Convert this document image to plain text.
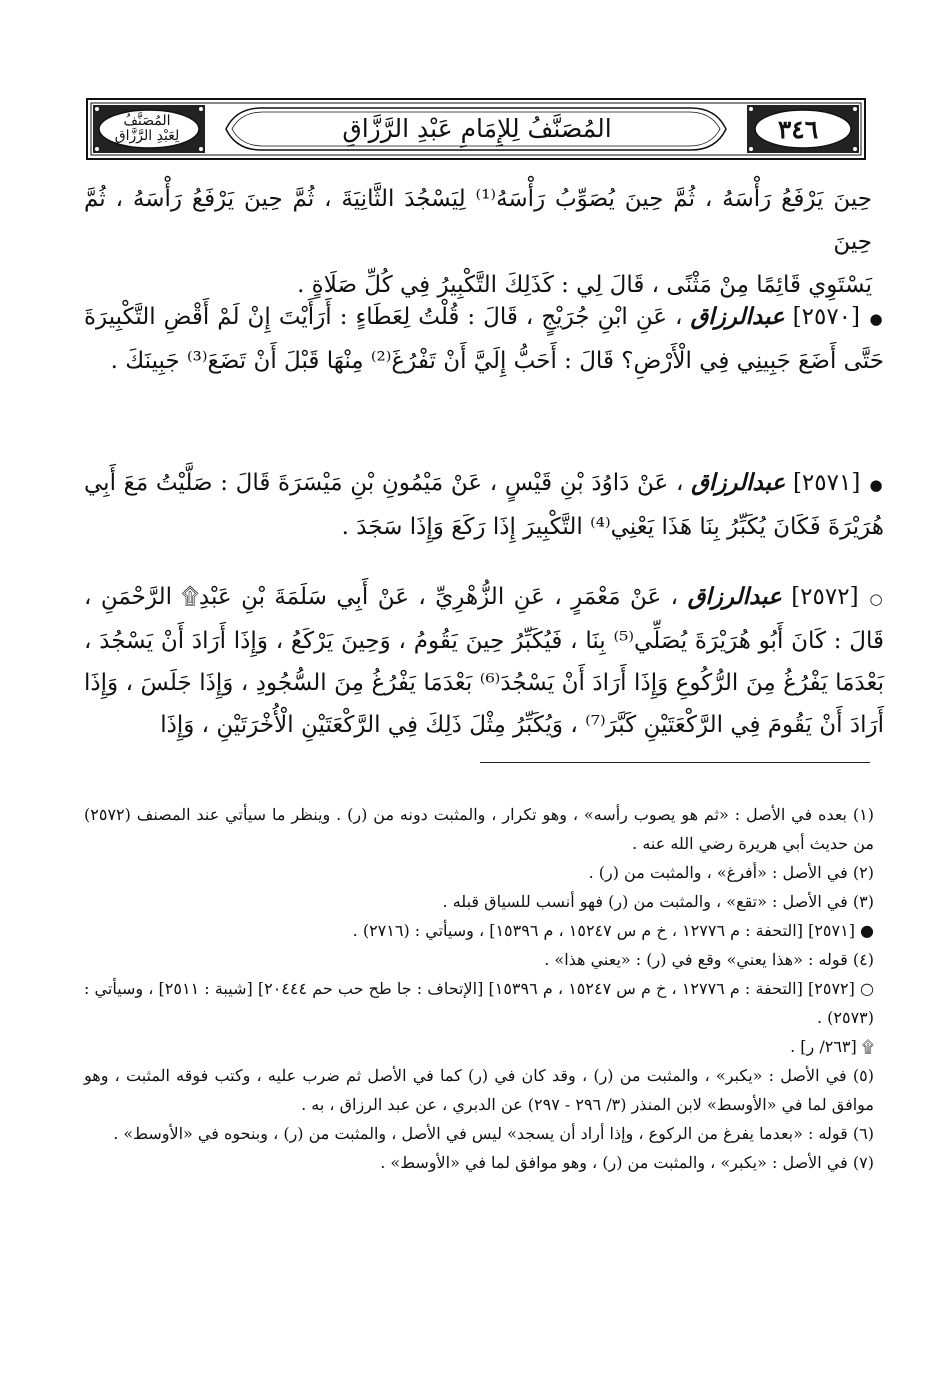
المُصَنَّفُ
لِعَبْدِ الرَّزَّاقِ	المُصَنَّفُ لِلإِمَامِ عَبْدِ الرَّزَّاقِ	٣٤٦

حِينَ يَرْفَعُ رَأْسَهُ ، ثُمَّ حِينَ يُصَوِّبُ رَأْسَهُ⁽¹⁾ لِيَسْجُدَ الثَّانِيَةَ ، ثُمَّ حِينَ يَرْفَعُ رَأْسَهُ ، ثُمَّ حِينَ

يَسْتَوِي قَائِمًا مِنْ مَثْنًى ، قَالَ لِي : كَذَلِكَ التَّكْبِيرُ فِي كُلِّ صَلَاةٍ .

● [٢٥٧٠] عبدالرزاق ، عَنِ ابْنِ جُرَيْجٍ ، قَالَ : قُلْتُ لِعَطَاءٍ : أَرَأَيْتَ إِنْ لَمْ أَقْضِ التَّكْبِيرَةَ حَتَّى أَضَعَ جَبِينِي فِي الْأَرْضِ؟ قَالَ : أَحَبُّ إِلَيَّ أَنْ تَفْرُغَ⁽²⁾ مِنْهَا قَبْلَ أَنْ تَضَعَ⁽³⁾ جَبِينَكَ .
● [٢٥٧١] عبدالرزاق ، عَنْ دَاوُدَ بْنِ قَيْسٍ ، عَنْ مَيْمُونِ بْنِ مَيْسَرَةَ قَالَ : صَلَّيْتُ مَعَ أَبِي هُرَيْرَةَ فَكَانَ يُكَبِّرُ بِنَا هَذَا يَعْنِي⁽⁴⁾ التَّكْبِيرَ إِذَا رَكَعَ وَإِذَا سَجَدَ .
○ [٢٥٧٢] عبدالرزاق ، عَنْ مَعْمَرٍ ، عَنِ الزُّهْرِيِّ ، عَنْ أَبِي سَلَمَةَ بْنِ عَبْدِ۩ الرَّحْمَنِ ، قَالَ : كَانَ أَبُو هُرَيْرَةَ يُصَلِّي⁽⁵⁾ بِنَا ، فَيُكَبِّرُ حِينَ يَقُومُ ، وَحِينَ يَرْكَعُ ، وَإِذَا أَرَادَ أَنْ يَسْجُدَ ، بَعْدَمَا يَفْرُغُ مِنَ الرُّكُوعِ وَإِذَا أَرَادَ أَنْ يَسْجُدَ⁽⁶⁾ بَعْدَمَا يَفْرُغُ مِنَ السُّجُودِ ، وَإِذَا جَلَسَ ، وَإِذَا أَرَادَ أَنْ يَقُومَ فِي الرَّكْعَتَيْنِ كَبَّرَ⁽⁷⁾ ، وَيُكَبِّرُ مِثْلَ ذَلِكَ فِي الرَّكْعَتَيْنِ الْأُخْرَتَيْنِ ، وَإِذَا

(١) بعده في الأصل : «ثم هو يصوب رأسه» ، وهو تكرار ، والمثبت دونه من (ر) . وينظر ما سيأتي عند المصنف (٢٥٧٢) من حديث أبي هريرة رضي الله عنه .

(٢) في الأصل : «أفرغ» ، والمثبت من (ر) .

(٣) في الأصل : «تقع» ، والمثبت من (ر) فهو أنسب للسياق قبله .

● [٢٥٧١] [التحفة : م ١٢٧٧٦ ، خ م س ١٥٢٤٧ ، م ١٥٣٩٦] ، وسيأتي : (٢٧١٦) .

(٤) قوله : «هذا يعني» وقع في (ر) : «يعني هذا» .

○ [٢٥٧٢] [التحفة : م ١٢٧٧٦ ، خ م س ١٥٢٤٧ ، م ١٥٣٩٦] [الإتحاف : جا طح حب حم ٢٠٤٤٤] [شيبة : ٢٥١١] ، وسيأتي : (٢٥٧٣) .

۩ [٢٦٣/ ر] .

(٥) في الأصل : «يكبر» ، والمثبت من (ر) ، وقد كان في (ر) كما في الأصل ثم ضرب عليه ، وكتب فوقه المثبت ، وهو موافق لما في «الأوسط» لابن المنذر (٣/ ٢٩٦ - ٢٩٧) عن الدبري ، عن عبد الرزاق ، به .

(٦) قوله : «بعدما يفرغ من الركوع ، وإذا أراد أن يسجد» ليس في الأصل ، والمثبت من (ر) ، وبنحوه في «الأوسط» .

(٧) في الأصل : «يكبر» ، والمثبت من (ر) ، وهو موافق لما في «الأوسط» .
